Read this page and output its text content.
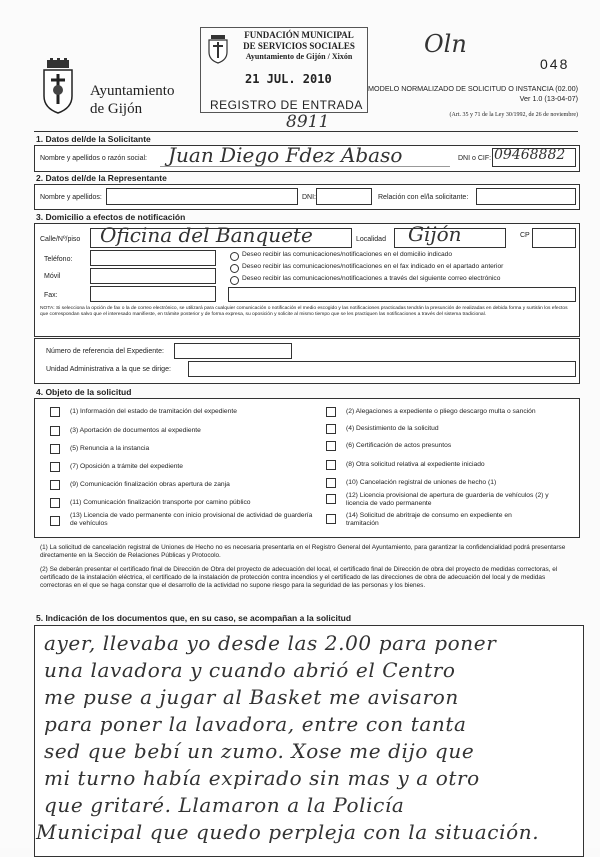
Ayuntamiento
de Gijón
FUNDACIÓN MUNICIPAL
DE SERVICIOS SOCIALES
Ayuntamiento de Gijón / Xixón
21 JUL. 2010
REGISTRO DE ENTRADA
8911
Oln
048
MODELO NORMALIZADO DE SOLICITUD O INSTANCIA (02.00)
Ver 1.0 (13-04-07)
(Art. 35 y 71 de la Ley 30/1992, de 26 de noviembre)
1. Datos del/de la Solicitante
Nombre y apellidos o razón social: Juan Diego Fdez Abaso	DNI o CIF: 09468882
2. Datos del/de la Representante
Nombre y apellidos:	DNI:	Relación con el/la solicitante:
3. Domicilio a efectos de notificación
Calle/Nº/piso Oficina del Banquete	Localidad Gijón	CP
Teléfono:
Móvil
Fax:
Deseo recibir las comunicaciones/notificaciones en el domicilio indicado
Deseo recibir las comunicaciones/notificaciones en el fax indicado en el apartado anterior
Deseo recibir las comunicaciones/notificaciones a través del siguiente correo electrónico
NOTA: Si selecciona la opción de fax o la de correo electrónico, se utilizará para cualquier comunicación o notificación el medio escogido y las notificaciones practicadas tendrán la presunción de realizadas en debida forma y surtirán los efectos que correspondan salvo que el interesado manifieste, en trámite posterior y de forma expresa, su oposición y solicite al mismo tiempo que se les practiquen las notificaciones a través del sistema tradicional.
Número de referencia del Expediente:
Unidad Administrativa a la que se dirige:
4. Objeto de la solicitud
(1) Información del estado de tramitación del expediente
(3) Aportación de documentos al expediente
(5) Renuncia a la instancia
(7) Oposición a trámite del expediente
(9) Comunicación finalización obras apertura de zanja
(11) Comunicación finalización transporte por camino público
(13) Licencia de vado permanente con inicio provisional de actividad de guardería de vehículos
(2) Alegaciones a expediente o pliego descargo multa o sanción
(4) Desistimiento de la solicitud
(6) Certificación de actos presuntos
(8) Otra solicitud relativa al expediente iniciado
(10) Cancelación registral de uniones de hecho (1)
(12) Licencia provisional de apertura de guardería de vehículos (2) y licencia de vado permanente
(14) Solicitud de abritraje de consumo en expediente en tramitación
(1) La solicitud de cancelación registral de Uniones de Hecho no es necesaria presentarla en el Registro General del Ayuntamiento, para garantizar la confidencialidad podrá presentarse directamente en la Sección de Relaciones Públicas y Protocolo.
(2) Se deberán presentar el certificado final de Dirección de Obra del proyecto de adecuación del local, el certificado final de Dirección de obra del proyecto de medidas correctoras, el certificado de la instalación eléctrica, el certificado de la instalación de protección contra incendios y el certificado de las direcciones de obra de adecuación del local y de medidas correctoras en el que se haga constar que el desarrollo de la actividad no supone riesgo para la seguridad de las personas y los bienes.
5. Indicación de los documentos que, en su caso, se acompañan a la solicitud
ayer, llevaba yo desde las 2.00 para poner
una lavadora y cuando abrió el Centro
me puse a jugar al Basket me avisaron
para poner la lavadora, entre con tanta
sed que bebí un zumo. Xose me dijo que
mi turno había expirado sin mas y a otro
que gritaré. Llamaron a la Policía
Municipal que quedo perpleja con la situación.
